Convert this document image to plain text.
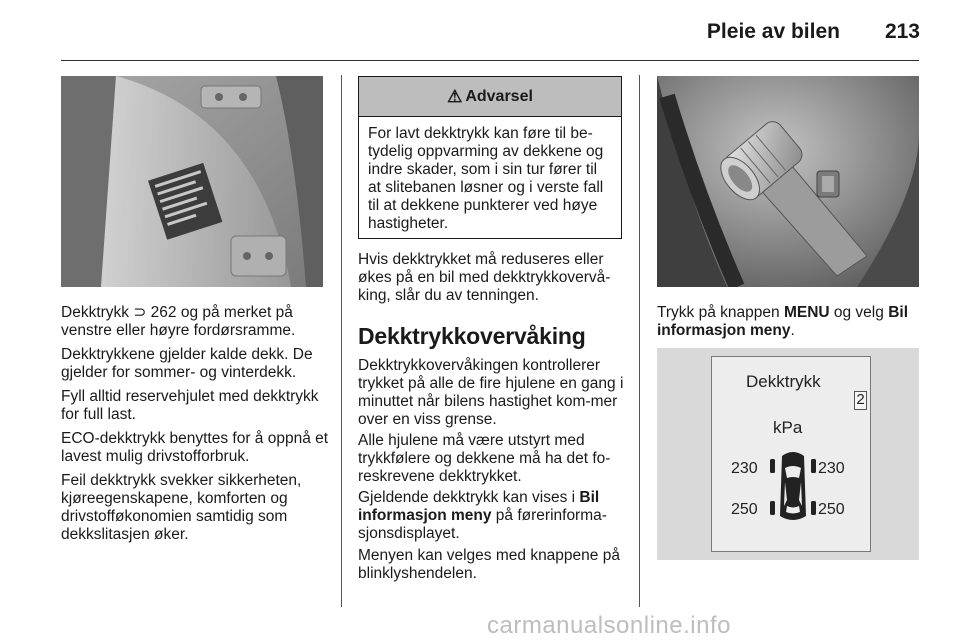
Pleie av bilen 213

Dekktrykk ⊃ 262 og på merket på venstre eller høyre fordørsramme.

Dekktrykkene gjelder kalde dekk. De gjelder for sommer- og vinterdekk.

Fyll alltid reservehjulet med dekktrykk for full last.

ECO-dekktrykk benyttes for å oppnå et lavest mulig drivstofforbruk.

Feil dekktrykk svekker sikkerheten, kjøreegenskapene, komforten og drivstofføkonomien samtidig som dekkslitasjen øker.

⚠ Advarsel
For lavt dekktrykk kan føre til be-tydelig oppvarming av dekkene og indre skader, som i sin tur fører til at slitebanen løsner og i verste fall til at dekkene punkterer ved høye hastigheter.

Hvis dekktrykket må reduseres eller økes på en bil med dekktrykkovervå-king, slår du av tenningen.

Dekktrykkovervåking

Dekktrykkovervåkingen kontrollerer trykket på alle de fire hjulene en gang i minuttet når bilens hastighet kom-mer over en viss grense.

Alle hjulene må være utstyrt med trykkfølere og dekkene må ha det fo-reskrevene dekktrykket.

Gjeldende dekktrykk kan vises i Bil informasjon meny på førerinforma-sjonsdisplayet.

Menyen kan velges med knappene på blinklyshendelen.

Trykk på knappen MENU og velg Bil informasjon meny.

Dekktrykk
2
kPa
230	230
250	250
carmanualsonline.info
